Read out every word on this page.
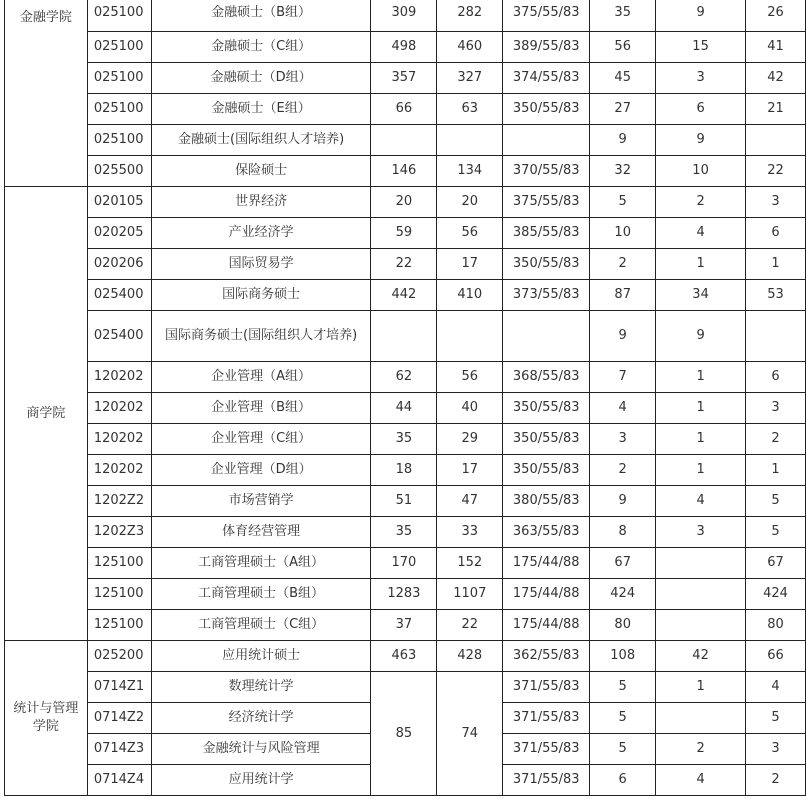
金融学院	025100	金融硕士（B组）	309	282	375/55/83	35	9	26
	025100	金融硕士（C组）	498	460	389/55/83	56	15	41
	025100	金融硕士（D组）	357	327	374/55/83	45	3	42
	025100	金融硕士（E组）	66	63	350/55/83	27	6	21
	025100	金融硕士(国际组织人才培养)				9	9	
	025500	保险硕士	146	134	370/55/83	32	10	22

商学院	020105	世界经济	20	20	375/55/83	5	2	3
	020205	产业经济学	59	56	385/55/83	10	4	6
	020206	国际贸易学	22	17	350/55/83	2	1	1
	025400	国际商务硕士	442	410	373/55/83	87	34	53
	025400	国际商务硕士(国际组织人才培养)				9	9	
	120202	企业管理（A组）	62	56	368/55/83	7	1	6
	120202	企业管理（B组）	44	40	350/55/83	4	1	3
	120202	企业管理（C组）	35	29	350/55/83	3	1	2
	120202	企业管理（D组）	18	17	350/55/83	2	1	1
	1202Z2	市场营销学	51	47	380/55/83	9	4	5
	1202Z3	体育经营管理	35	33	363/55/83	8	3	5
	125100	工商管理硕士（A组）	170	152	175/44/88	67		67
	125100	工商管理硕士（B组）	1283	1107	175/44/88	424		424
	125100	工商管理硕士（C组）	37	22	175/44/88	80		80

统计与管理学院	025200	应用统计硕士	463	428	362/55/83	108	42	66
	0714Z1	数理统计学	85	74	371/55/83	5	1	4
	0714Z2	经济统计学			371/55/83	5		5
	0714Z3	金融统计与风险管理			371/55/83	5	2	3
	0714Z4	应用统计学			371/55/83	6	4	2
